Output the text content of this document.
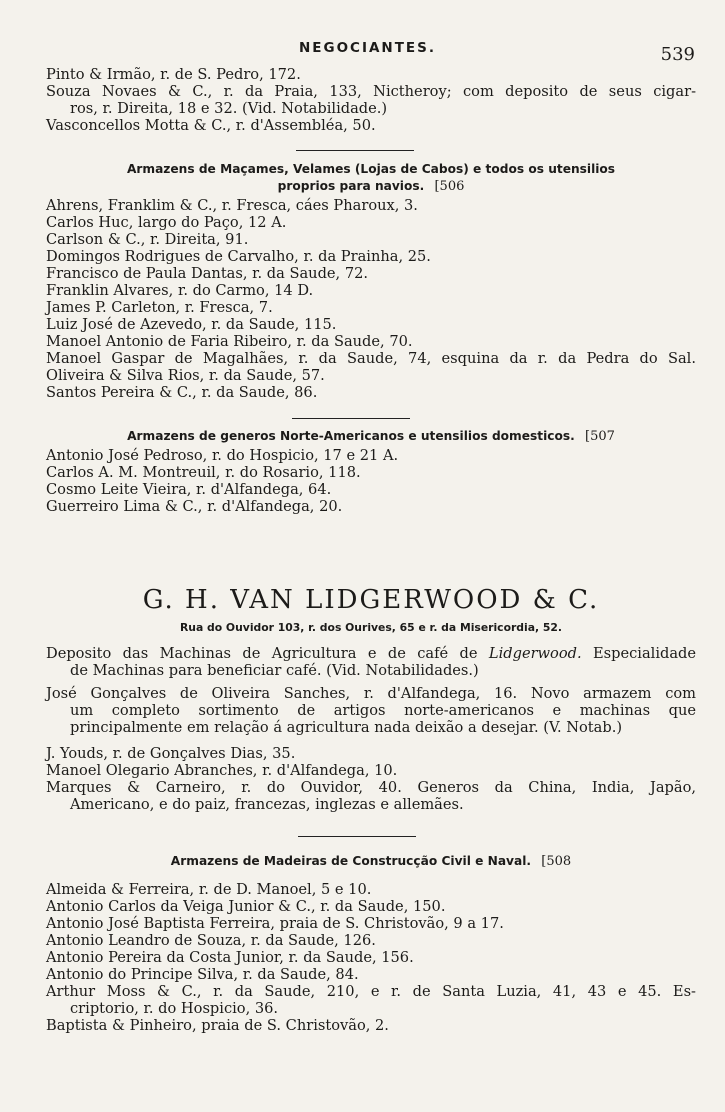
NEGOCIANTES.	539
Pinto & Irmão, r. de S. Pedro, 172.
Souza Novaes & C., r. da Praia, 133, Nictheroy; com deposito de seus cigar-
ros, r. Direita, 18 e 32. (Vid. Notabilidade.)
Vasconcellos Motta & C., r. d'Assembléa, 50.
Armazens de Maçames, Velames (Lojas de Cabos) e todos os utensilios
proprios para navios. [506
Ahrens, Franklim & C., r. Fresca, cáes Pharoux, 3.
Carlos Huc, largo do Paço, 12 A.
Carlson & C., r. Direita, 91.
Domingos Rodrigues de Carvalho, r. da Prainha, 25.
Francisco de Paula Dantas, r. da Saude, 72.
Franklin Alvares, r. do Carmo, 14 D.
James P. Carleton, r. Fresca, 7.
Luiz José de Azevedo, r. da Saude, 115.
Manoel Antonio de Faria Ribeiro, r. da Saude, 70.
Manoel Gaspar de Magalhães, r. da Saude, 74, esquina da r. da Pedra do Sal.
Oliveira & Silva Rios, r. da Saude, 57.
Santos Pereira & C., r. da Saude, 86.
Armazens de generos Norte-Americanos e utensilios domesticos. [507
Antonio José Pedroso, r. do Hospicio, 17 e 21 A.
Carlos A. M. Montreuil, r. do Rosario, 118.
Cosmo Leite Vieira, r. d'Alfandega, 64.
Guerreiro Lima & C., r. d'Alfandega, 20.
G. H. VAN LIDGERWOOD & C.
Rua do Ouvidor 103, r. dos Ourives, 65 e r. da Misericordia, 52.
Deposito das Machinas de Agricultura e de café de Lidgerwood. Especialidade
de Machinas para beneficiar café. (Vid. Notabilidades.)
José Gonçalves de Oliveira Sanches, r. d'Alfandega, 16. Novo armazem com
um completo sortimento de artigos norte-americanos e machinas que
principalmente em relação á agricultura nada deixão a desejar. (V. Notab.)
J. Youds, r. de Gonçalves Dias, 35.
Manoel Olegario Abranches, r. d'Alfandega, 10.
Marques & Carneiro, r. do Ouvidor, 40. Generos da China, India, Japão,
Americano, e do paiz, francezas, inglezas e allemães.
Armazens de Madeiras de Construcção Civil e Naval. [508
Almeida & Ferreira, r. de D. Manoel, 5 e 10.
Antonio Carlos da Veiga Junior & C., r. da Saude, 150.
Antonio José Baptista Ferreira, praia de S. Christovão, 9 a 17.
Antonio Leandro de Souza, r. da Saude, 126.
Antonio Pereira da Costa Junior, r. da Saude, 156.
Antonio do Principe Silva, r. da Saude, 84.
Arthur Moss & C., r. da Saude, 210, e r. de Santa Luzia, 41, 43 e 45. Es-
criptorio, r. do Hospicio, 36.
Baptista & Pinheiro, praia de S. Christovão, 2.
